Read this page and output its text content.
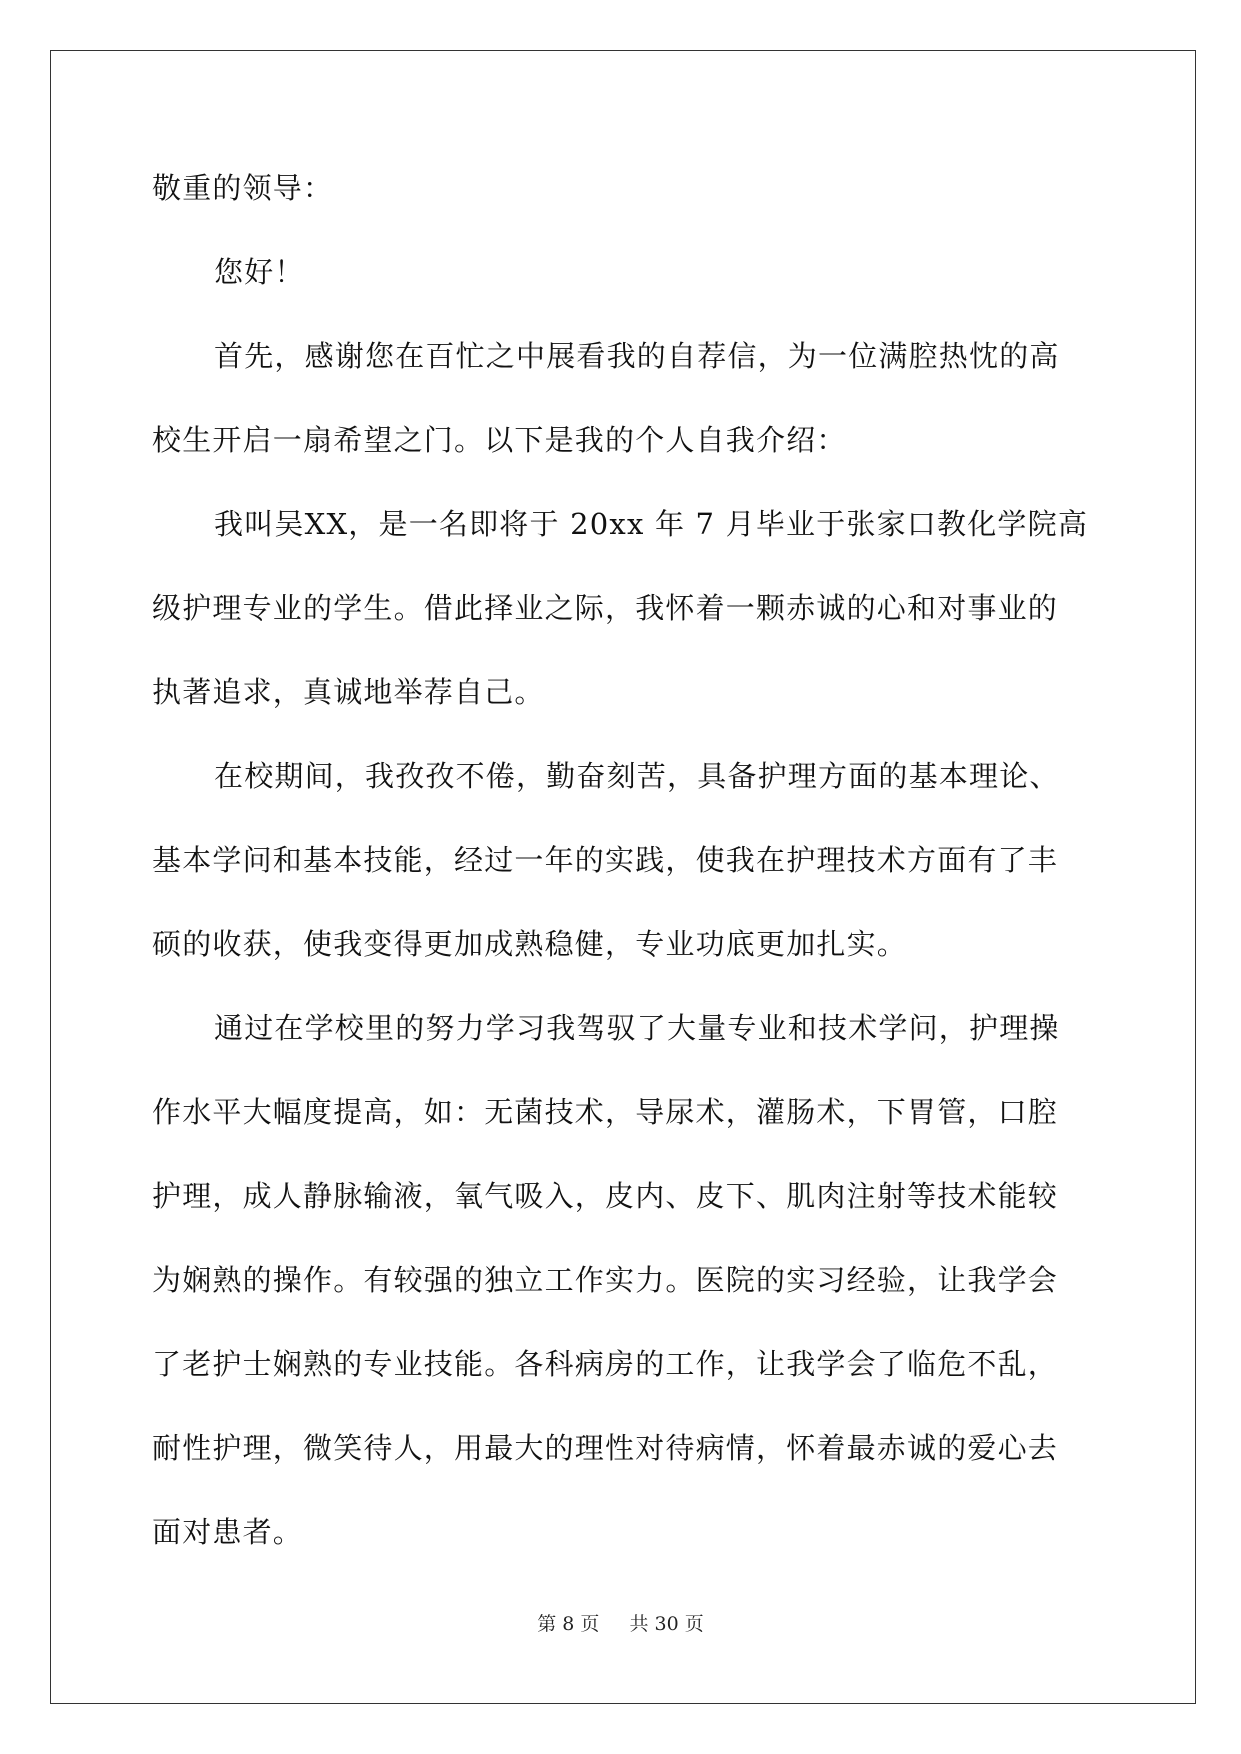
敬重的领导：
您好！
首先，感谢您在百忙之中展看我的自荐信，为一位满腔热忱的高
校生开启一扇希望之门。以下是我的个人自我介绍：
我叫吴XX，是一名即将于 20xx 年 7 月毕业于张家口教化学院高
级护理专业的学生。借此择业之际，我怀着一颗赤诚的心和对事业的
执著追求，真诚地举荐自己。
在校期间，我孜孜不倦，勤奋刻苦，具备护理方面的基本理论、
基本学问和基本技能，经过一年的实践，使我在护理技术方面有了丰
硕的收获，使我变得更加成熟稳健，专业功底更加扎实。
通过在学校里的努力学习我驾驭了大量专业和技术学问，护理操
作水平大幅度提高，如：无菌技术，导尿术，灌肠术，下胃管，口腔
护理，成人静脉输液，氧气吸入，皮内、皮下、肌肉注射等技术能较
为娴熟的操作。有较强的独立工作实力。医院的实习经验，让我学会
了老护士娴熟的专业技能。各科病房的工作，让我学会了临危不乱，
耐性护理，微笑待人，用最大的理性对待病情，怀着最赤诚的爱心去
面对患者。
第 8 页 共 30 页
